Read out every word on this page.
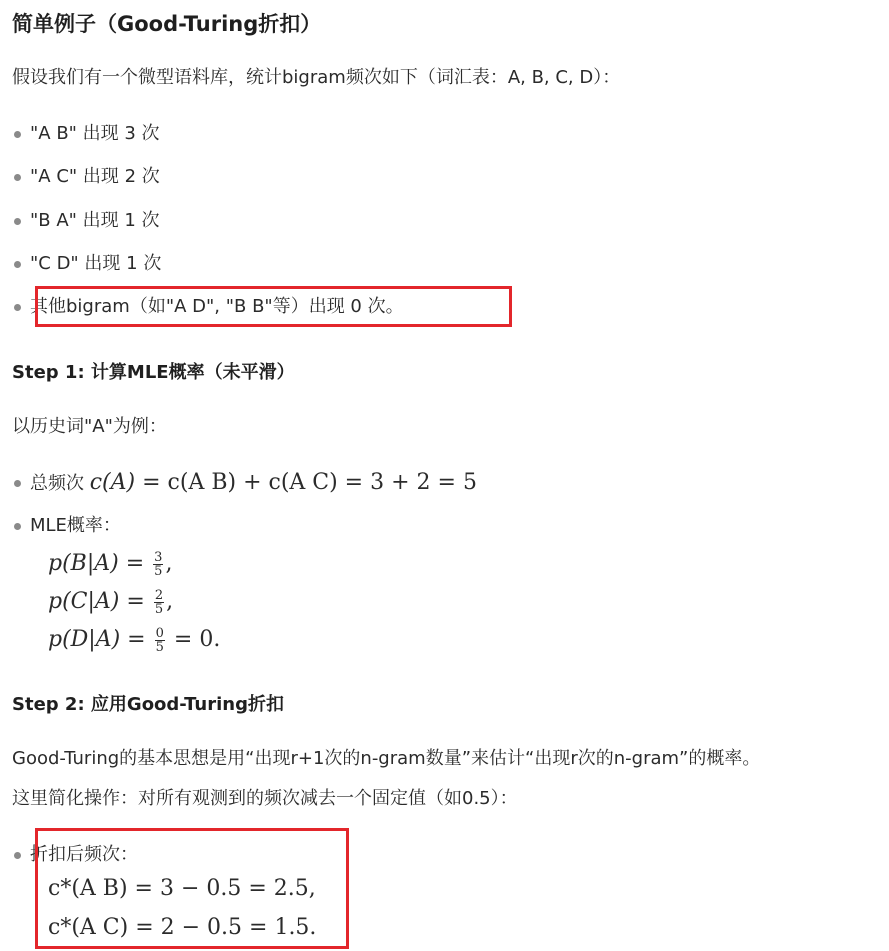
简单例子（Good-Turing折扣）
假设我们有一个微型语料库，统计bigram频次如下（词汇表：A, B, C, D）：
"A B" 出现 3 次
"A C" 出现 2 次
"B A" 出现 1 次
"C D" 出现 1 次
其他bigram（如"A D", "B B"等）出现 0 次。
Step 1: 计算MLE概率（未平滑）
以历史词"A"为例：
总频次 c(A) = c(A B) + c(A C) = 3 + 2 = 5
MLE概率：
$p(B|A) = \frac{3}{5}$ ,
$p(C|A) = \frac{2}{5}$ ,
$p(D|A) = \frac{0}{5} = 0$.
Step 2: 应用Good-Turing折扣
Good-Turing的基本思想是用“出现r+1次的n-gram数量”来估计“出现r次的n-gram”的概率。
这里简化操作：对所有观测到的频次减去一个固定值（如0.5）：
折扣后频次：
c*(A B) = 3 − 0.5 = 2.5,
c*(A C) = 2 − 0.5 = 1.5.
